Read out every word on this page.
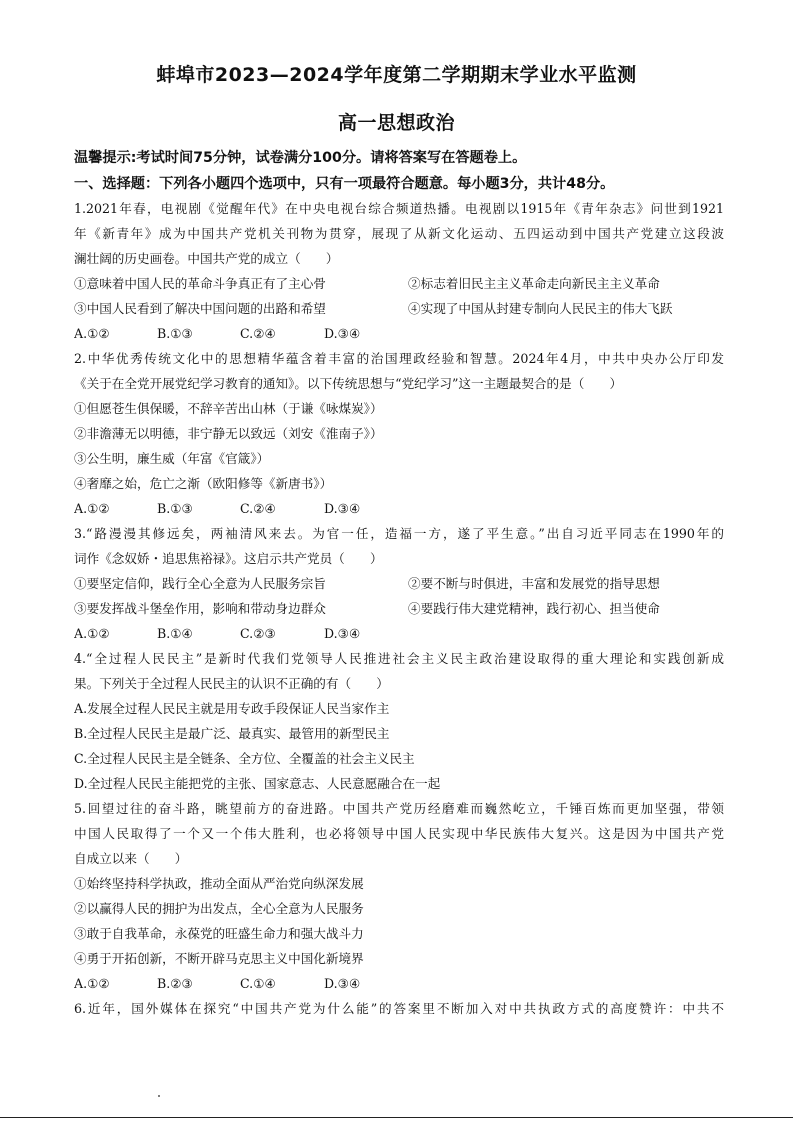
蚌埠市2023—2024学年度第二学期期末学业水平监测
高一思想政治
温馨提示:考试时间75分钟，试卷满分100分。请将答案写在答题卷上。
一、选择题：下列各小题四个选项中，只有一项最符合题意。每小题3分，共计48分。
1.2021年春，电视剧《觉醒年代》在中央电视台综合频道热播。电视剧以1915年《青年杂志》问世到1921
年《新青年》成为中国共产党机关刊物为贯穿，展现了从新文化运动、五四运动到中国共产党建立这段波
澜壮阔的历史画卷。中国共产党的成立（　　）
①意味着中国人民的革命斗争真正有了主心骨	②标志着旧民主主义革命走向新民主主义革命
③中国人民看到了解决中国问题的出路和希望	④实现了中国从封建专制向人民民主的伟大飞跃
A.①②	B.①③	C.②④	D.③④
2.中华优秀传统文化中的思想精华蕴含着丰富的治国理政经验和智慧。2024年4月，中共中央办公厅印发
《关于在全党开展党纪学习教育的通知》。以下传统思想与“党纪学习”这一主题最契合的是（　　）
①但愿苍生俱保暖，不辞辛苦出山林（于谦《咏煤炭》）
②非澹薄无以明德，非宁静无以致远（刘安《淮南子》）
③公生明，廉生威（年富《官箴》）
④奢靡之始，危亡之渐（欧阳修等《新唐书》）
A.①②	B.①③	C.②④	D.③④
3.“路漫漫其修远矣，两袖清风来去。为官一任，造福一方，遂了平生意。”出自习近平同志在1990年的
词作《念奴娇・追思焦裕禄》。这启示共产党员（　　）
①要坚定信仰，践行全心全意为人民服务宗旨	②要不断与时俱进，丰富和发展党的指导思想
③要发挥战斗堡垒作用，影响和带动身边群众	④要践行伟大建党精神，践行初心、担当使命
A.①②	B.①④	C.②③	D.③④
4.“全过程人民民主”是新时代我们党领导人民推进社会主义民主政治建设取得的重大理论和实践创新成
果。下列关于全过程人民民主的认识不正确的有（　　）
A.发展全过程人民民主就是用专政手段保证人民当家作主
B.全过程人民民主是最广泛、最真实、最管用的新型民主
C.全过程人民民主是全链条、全方位、全覆盖的社会主义民主
D.全过程人民民主能把党的主张、国家意志、人民意愿融合在一起
5.回望过往的奋斗路，眺望前方的奋进路。中国共产党历经磨难而巍然屹立，千锤百炼而更加坚强，带领
中国人民取得了一个又一个伟大胜利，也必将领导中国人民实现中华民族伟大复兴。这是因为中国共产党
自成立以来（　　）
①始终坚持科学执政，推动全面从严治党向纵深发展
②以赢得人民的拥护为出发点，全心全意为人民服务
③敢于自我革命，永葆党的旺盛生命力和强大战斗力
④勇于开拓创新，不断开辟马克思主义中国化新境界
A.①②	B.②③	C.①④	D.③④
6.近年，国外媒体在探究“中国共产党为什么能”的答案里不断加入对中共执政方式的高度赞许：中共不
